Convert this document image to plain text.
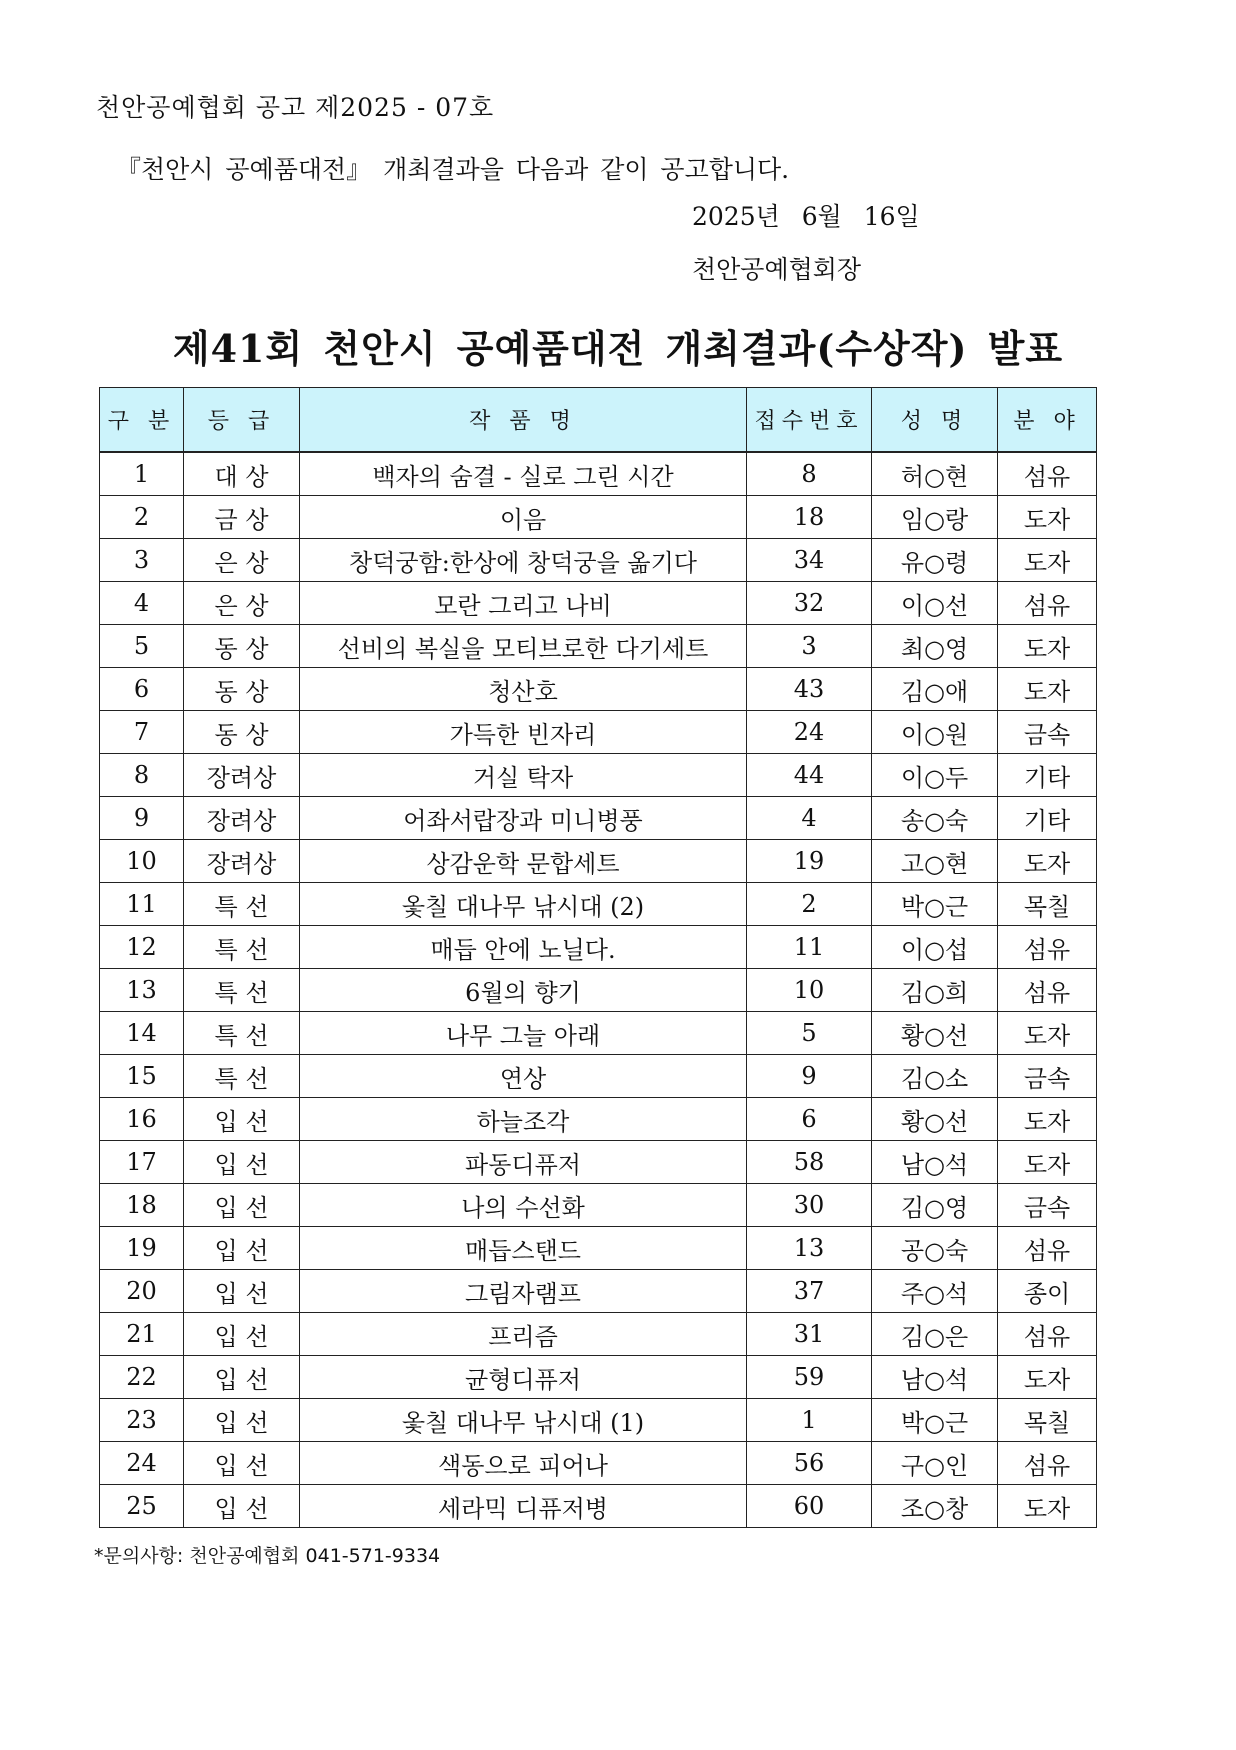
천안공예협회 공고 제2025 - 07호
『천안시 공예품대전』 개최결과을 다음과 같이 공고합니다.
2025년 6월 16일
천안공예협회장
제41회 천안시 공예품대전 개최결과(수상작) 발표
구 분	등 급	작 품 명	접수번호	성 명	분 야
1	대 상	백자의 숨결 - 실로 그린 시간	8	허○현	섬유
2	금 상	이음	18	임○랑	도자
3	은 상	창덕궁함:한상에 창덕궁을 옮기다	34	유○령	도자
4	은 상	모란 그리고 나비	32	이○선	섬유
5	동 상	선비의 복실을 모티브로한 다기세트	3	최○영	도자
6	동 상	청산호	43	김○애	도자
7	동 상	가득한 빈자리	24	이○원	금속
8	장려상	거실 탁자	44	이○두	기타
9	장려상	어좌서랍장과 미니병풍	4	송○숙	기타
10	장려상	상감운학 문합세트	19	고○현	도자
11	특 선	옻칠 대나무 낚시대 (2)	2	박○근	목칠
12	특 선	매듭 안에 노닐다.	11	이○섭	섬유
13	특 선	6월의 향기	10	김○희	섬유
14	특 선	나무 그늘 아래	5	황○선	도자
15	특 선	연상	9	김○소	금속
16	입 선	하늘조각	6	황○선	도자
17	입 선	파동디퓨저	58	남○석	도자
18	입 선	나의 수선화	30	김○영	금속
19	입 선	매듭스탠드	13	공○숙	섬유
20	입 선	그림자램프	37	주○석	종이
21	입 선	프리즘	31	김○은	섬유
22	입 선	균형디퓨저	59	남○석	도자
23	입 선	옻칠 대나무 낚시대 (1)	1	박○근	목칠
24	입 선	색동으로 피어나	56	구○인	섬유
25	입 선	세라믹 디퓨저병	60	조○창	도자
*문의사항: 천안공예협회 041-571-9334
